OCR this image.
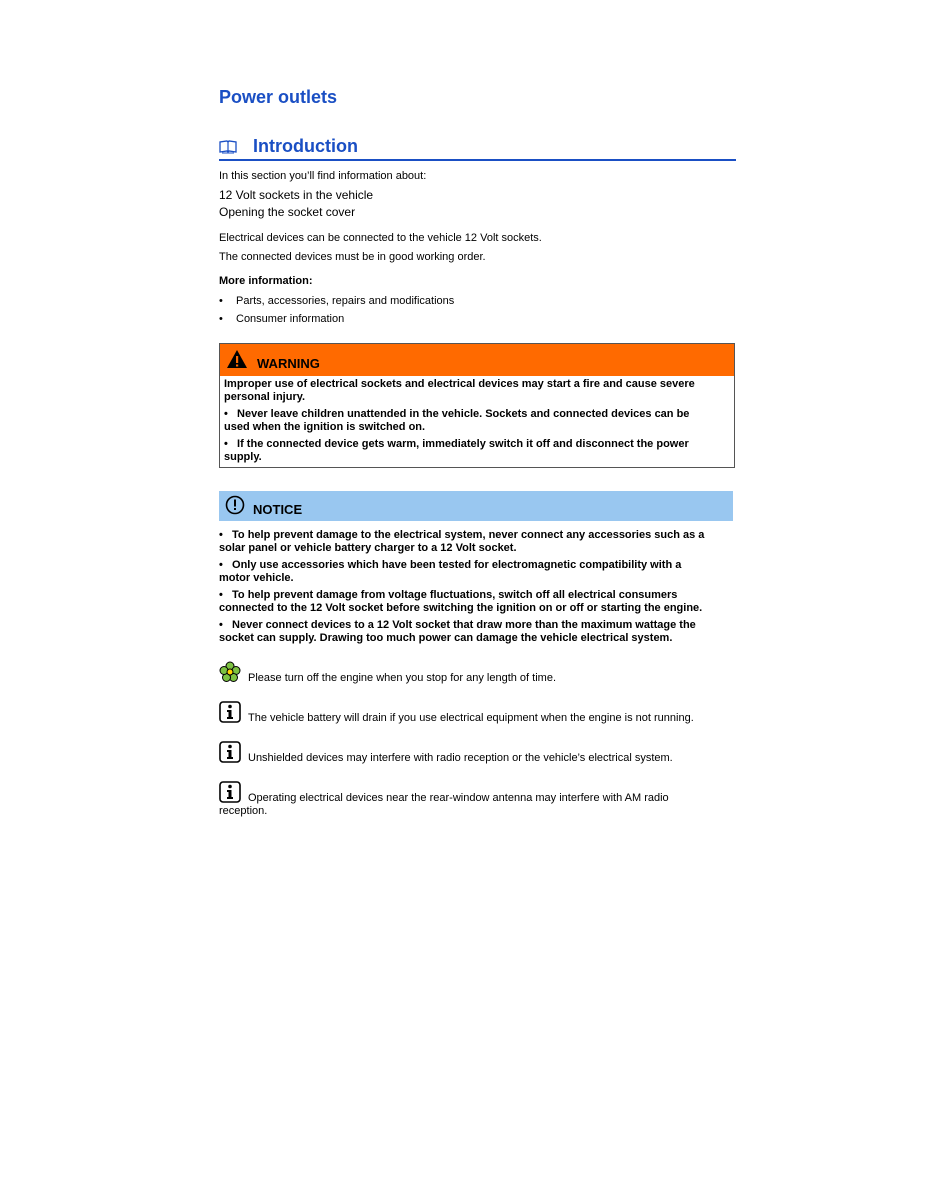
Power outlets
Introduction
In this section you’ll find information about:
12 Volt sockets in the vehicle
Opening the socket cover
Electrical devices can be connected to the vehicle 12 Volt sockets.
The connected devices must be in good working order.
More information:
• Parts, accessories, repairs and modifications
• Consumer information
WARNING
Improper use of electrical sockets and electrical devices may start a fire and cause severe
personal injury.
•   Never leave children unattended in the vehicle. Sockets and connected devices can be
used when the ignition is switched on.
•   If the connected device gets warm, immediately switch it off and disconnect the power
supply.
NOTICE
•   To help prevent damage to the electrical system, never connect any accessories such as a
solar panel or vehicle battery charger to a 12 Volt socket.
•   Only use accessories which have been tested for electromagnetic compatibility with a
motor vehicle.
•   To help prevent damage from voltage fluctuations, switch off all electrical consumers
connected to the 12 Volt socket before switching the ignition on or off or starting the engine.
•   Never connect devices to a 12 Volt socket that draw more than the maximum wattage the
socket can supply. Drawing too much power can damage the vehicle electrical system.
Please turn off the engine when you stop for any length of time.
The vehicle battery will drain if you use electrical equipment when the engine is not running.
Unshielded devices may interfere with radio reception or the vehicle’s electrical system.
Operating electrical devices near the rear-window antenna may interfere with AM radio
reception.
